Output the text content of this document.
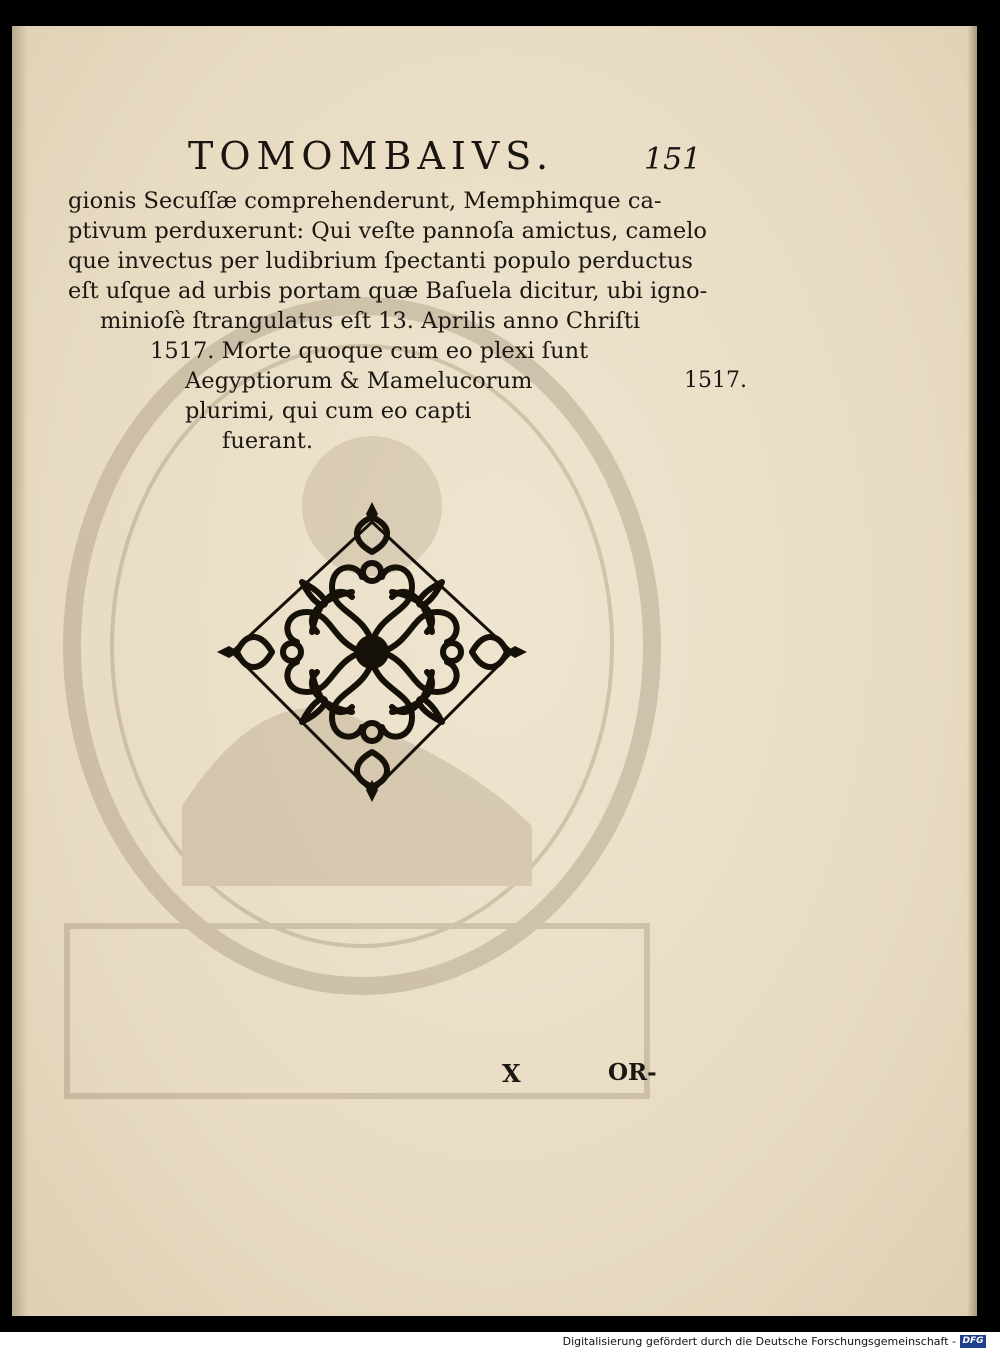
TOMOMBAIVS.	151
gionis Secuſſæ comprehenderunt, Memphimque ca-
ptivum perduxerunt: Qui veſte pannoſa amictus, camelo
que invectus per ludibrium ſpectanti populo perductus
eſt uſque ad urbis portam quæ Baſuela dicitur, ubi igno-
minioſè ſtrangulatus eſt 13. Aprilis anno Chriſti
1517. Morte quoque cum eo plexi ſunt
Aegyptiorum & Mamelucorum
plurimi, qui cum eo capti
fuerant.
1517.
X	OR-
Digitalisierung gefördert durch die Deutsche Forschungsgemeinschaft - DFG
